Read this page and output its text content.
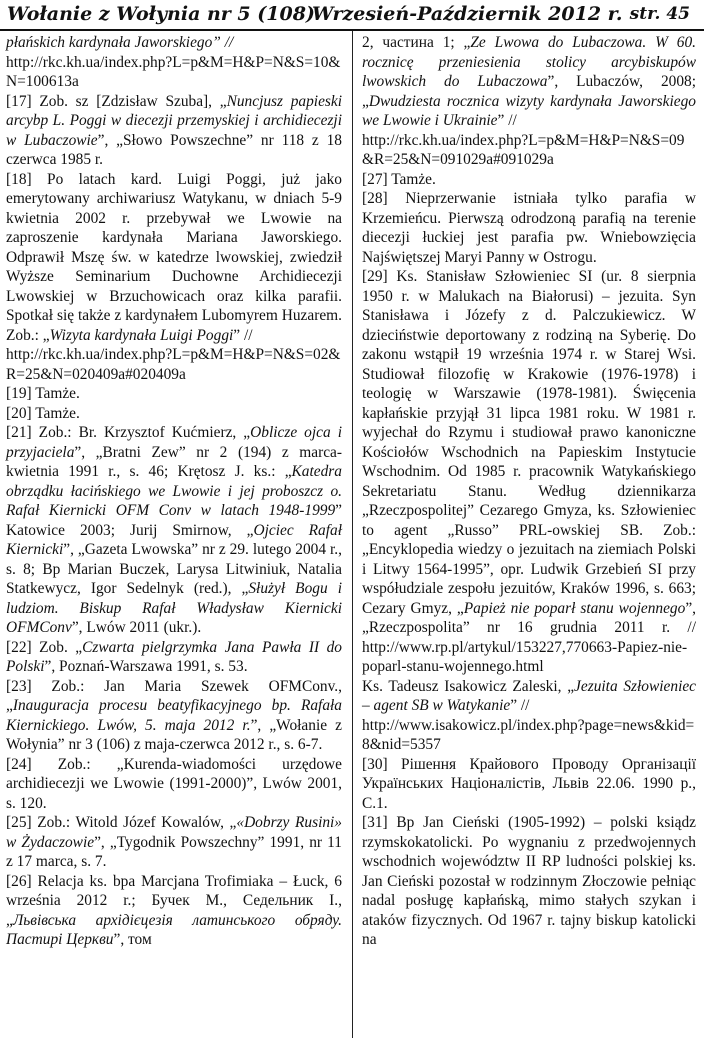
Wołanie z Wołynia nr 5 (108)
Wrzesień-Październik 2012 r. str. 45

płańskich kardynała Jaworskiego” //

http://rkc.kh.ua/index.php?L=p&M=H&P=N&S=10&N=100613a

[17] Zob. sz [Zdzisław Szuba], „Nuncjusz papieski arcybp L. Poggi w diecezji przemyskiej i archidiecezji w Lubaczowie”, „Słowo Powszechne” nr 118 z 18 czerwca 1985 r.

[18] Po latach kard. Luigi Poggi, już jako emerytowany archiwariusz Watykanu, w dniach 5-9 kwietnia 2002 r. przebywał we Lwowie na zaproszenie kardynała Mariana Jaworskiego. Odprawił Mszę św. w katedrze lwowskiej, zwiedził Wyższe Seminarium Duchowne Archidiecezji Lwowskiej w Brzuchowicach oraz kilka parafii. Spotkał się także z kardynałem Lubomyrem Huzarem. Zob.: „Wizyta kardynała Luigi Poggi” //

http://rkc.kh.ua/index.php?L=p&M=H&P=N&S=02&R=25&N=020409a#020409a

[19] Tamże.

[20] Tamże.

[21] Zob.: Br. Krzysztof Kućmierz, „Oblicze ojca i przyjaciela”, „Bratni Zew” nr 2 (194) z marca-kwietnia 1991 r., s. 46; Krętosz J. ks.: „Katedra obrządku łacińskiego we Lwowie i jej proboszcz o. Rafał Kiernicki OFM Conv w latach 1948-1999” Katowice 2003; Jurij Smirnow, „Ojciec Rafał Kiernicki”, „Gazeta Lwowska” nr z 29. lutego 2004 r., s. 8; Bp Marian Buczek, Larysa Litwiniuk, Natalia Statkewycz, Igor Sedelnyk (red.), „Służył Bogu i ludziom. Biskup Rafał Władysław Kiernicki OFMConv”, Lwów 2011 (ukr.).

[22] Zob. „Czwarta pielgrzymka Jana Pawła II do Polski”, Poznań-Warszawa 1991, s. 53.

[23] Zob.: Jan Maria Szewek OFMConv., „Inauguracja procesu beatyfikacyjnego bp. Rafała Kiernickiego. Lwów, 5. maja 2012 r.”, „Wołanie z Wołynia” nr 3 (106) z maja-czerwca 2012 r., s. 6-7.

[24] Zob.: „Kurenda-wiadomości urzędowe archidiecezji we Lwowie (1991-2000)”, Lwów 2001, s. 120.

[25] Zob.: Witold Józef Kowalów, „«Dobrzy Rusini» w Żydaczowie”, „Tygodnik Powszechny” 1991, nr 11 z 17 marca, s. 7.

[26] Relacja ks. bpa Marcjana Trofimiaka – Łuck, 6 września 2012 r.; Бучек М., Седельник І., „Львівська архідієцезія латинського обряду. Пастирі Церкви”, том

2, частина 1; „Ze Lwowa do Lubaczowa. W 60. rocznicę przeniesienia stolicy arcybiskupów lwowskich do Lubaczowa”, Lubaczów, 2008; „Dwudziesta rocznica wizyty kardynała Jaworskiego we Lwowie i Ukrainie” //

http://rkc.kh.ua/index.php?L=p&M=H&P=N&S=09&R=25&N=091029a#091029a

[27] Tamże.

[28] Nieprzerwanie istniała tylko parafia w Krzemieńcu. Pierwszą odrodzoną parafią na terenie diecezji łuckiej jest parafia pw. Wniebowzięcia Najświętszej Maryi Panny w Ostrogu.

[29] Ks. Stanisław Szłowieniec SI (ur. 8 sierpnia 1950 r. w Malukach na Białorusi) – jezuita. Syn Stanisława i Józefy z d. Palczukiewicz. W dzieciństwie deportowany z rodziną na Syberię. Do zakonu wstąpił 19 września 1974 r. w Starej Wsi. Studiował filozofię w Krakowie (1976-1978) i teologię w Warszawie (1978-1981). Święcenia kapłańskie przyjął 31 lipca 1981 roku. W 1981 r. wyjechał do Rzymu i studiował prawo kanoniczne Kościołów Wschodnich na Papieskim Instytucie Wschodnim. Od 1985 r. pracownik Watykańskiego Sekretariatu Stanu. Według dziennikarza „Rzeczpospolitej” Cezarego Gmyza, ks. Szłowieniec to agent „Russo” PRL-owskiej SB. Zob.: „Encyklopedia wiedzy o jezuitach na ziemiach Polski i Litwy 1564-1995”, opr. Ludwik Grzebień SI przy współudziale zespołu jezuitów, Kraków 1996, s. 663; Cezary Gmyz, „Papież nie poparł stanu wojennego”, „Rzeczpospolita” nr 16 grudnia 2011 r. // http://www.rp.pl/artykul/153227,770663-Papiez-nie-poparl-stanu-wojennego.html

Ks. Tadeusz Isakowicz Zaleski, „Jezuita Szłowieniec – agent SB w Watykanie” //

http://www.isakowicz.pl/index.php?page=news&kid=8&nid=5357

[30] Рішення Крайового Проводу Організації Українських Націоналістів, Львів 22.06. 1990 р., С.1.

[31] Bp Jan Cieński (1905-1992) – polski ksiądz rzymskokatolicki. Po wygnaniu z przedwojennych wschodnich województw II RP ludności polskiej ks. Jan Cieński pozostał w rodzinnym Złoczowie pełniąc nadal posługę kapłańską, mimo stałych szykan i ataków fizycznych. Od 1967 r. tajny biskup katolicki na
